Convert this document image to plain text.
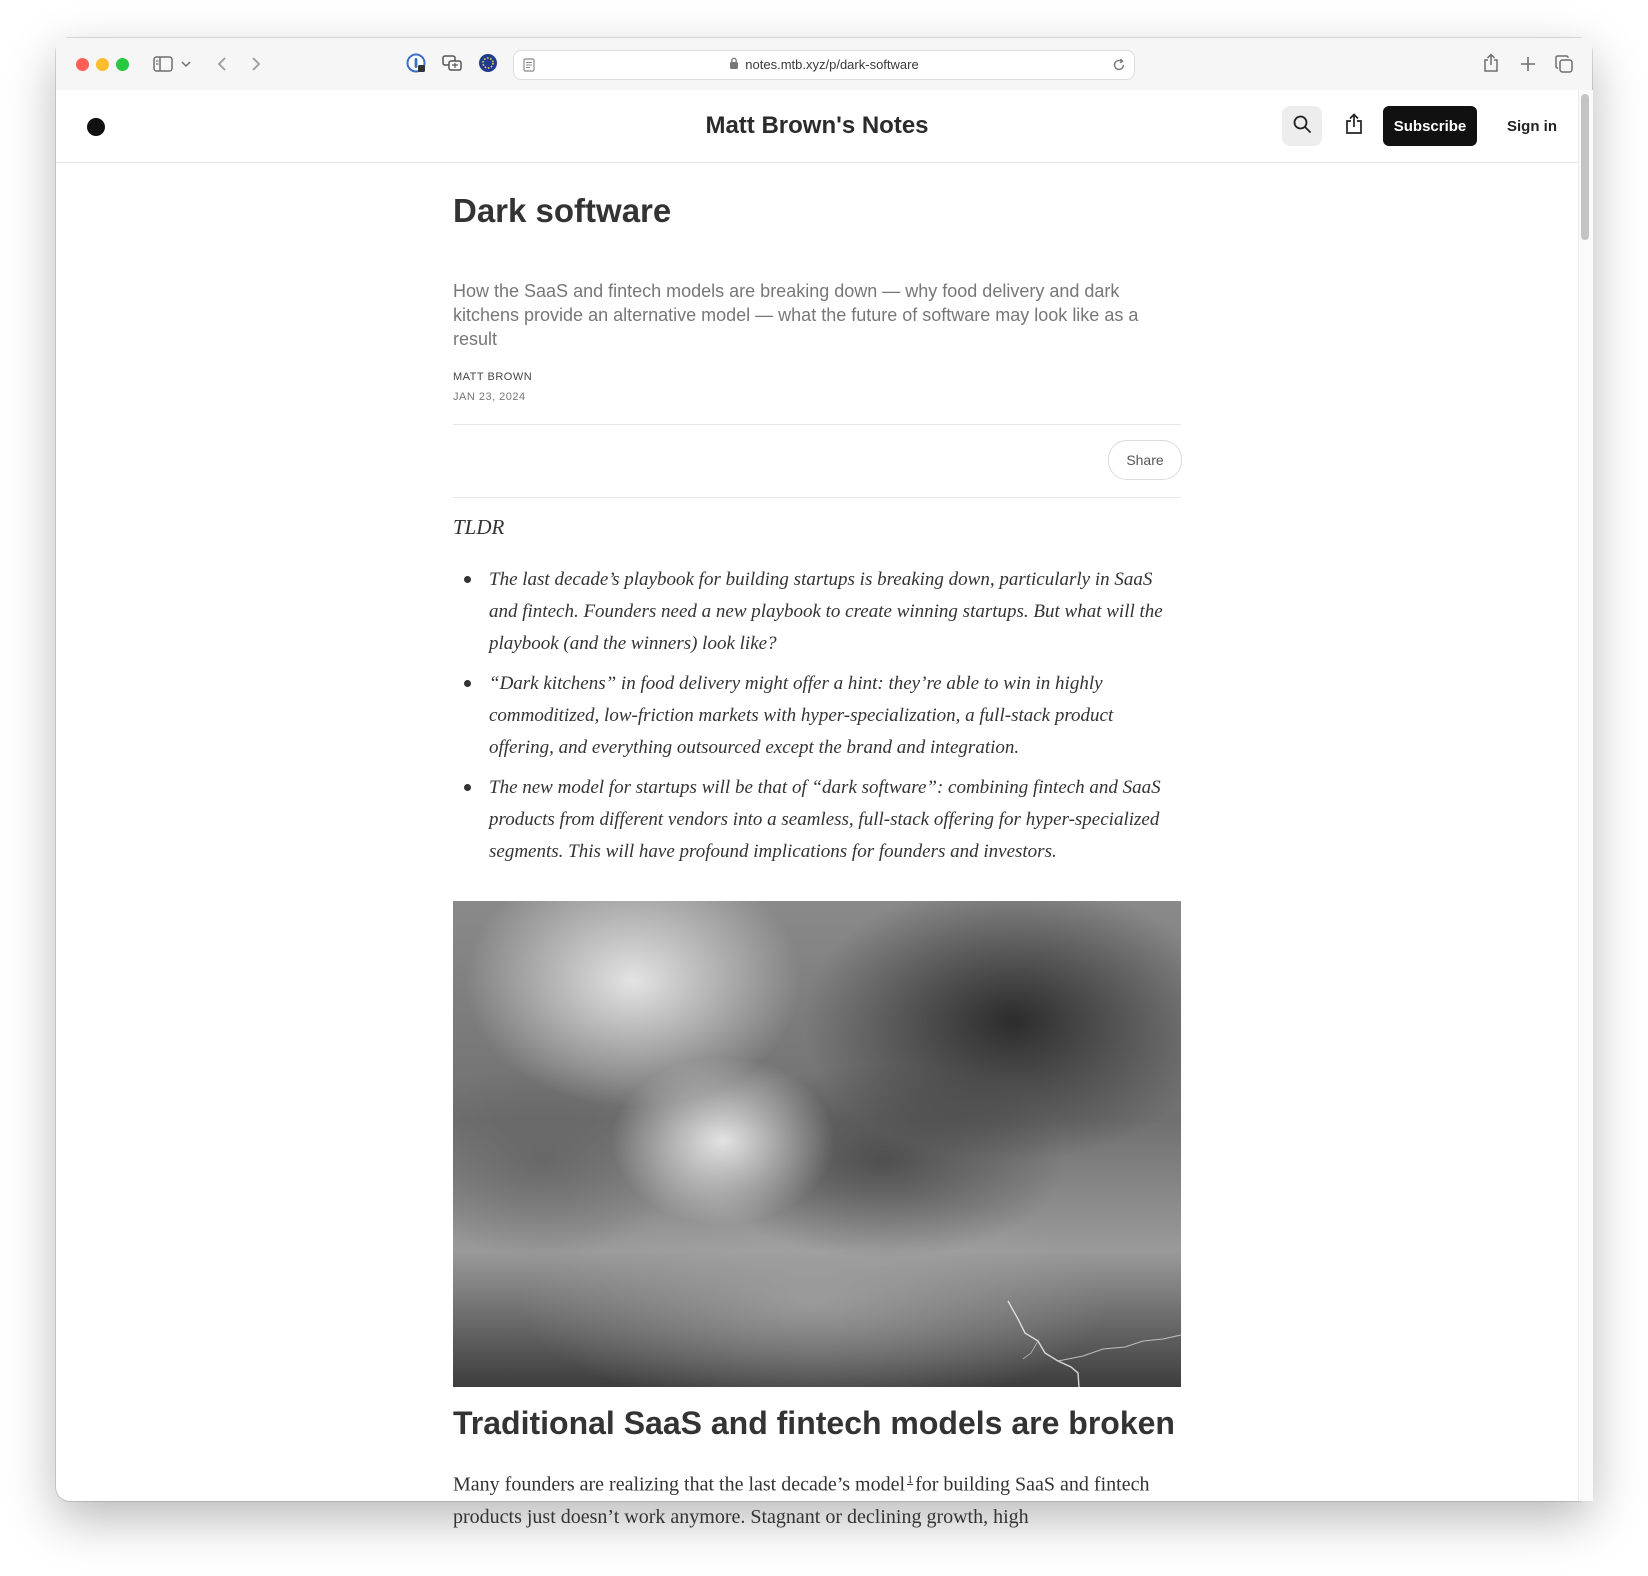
notes.mtb.xyz/p/dark-software
Matt Brown's Notes	Subscribe	Sign in
Dark software
How the SaaS and fintech models are breaking down — why food delivery and dark kitchens provide an alternative model — what the future of software may look like as a result
MATT BROWN
JAN 23, 2024
Share
TLDR
The last decade’s playbook for building startups is breaking down, particularly in SaaS and fintech. Founders need a new playbook to create winning startups. But what will the playbook (and the winners) look like?
“Dark kitchens” in food delivery might offer a hint: they’re able to win in highly commoditized, low-friction markets with hyper-specialization, a full-stack product offering, and everything outsourced except the brand and integration.
The new model for startups will be that of “dark software”: combining fintech and SaaS products from different vendors into a seamless, full-stack offering for hyper-specialized segments. This will have profound implications for founders and investors.
Traditional SaaS and fintech models are broken

Many founders are realizing that the last decade’s model $^1$ for building SaaS and fintech products just doesn’t work anymore. Stagnant or declining growth, high
